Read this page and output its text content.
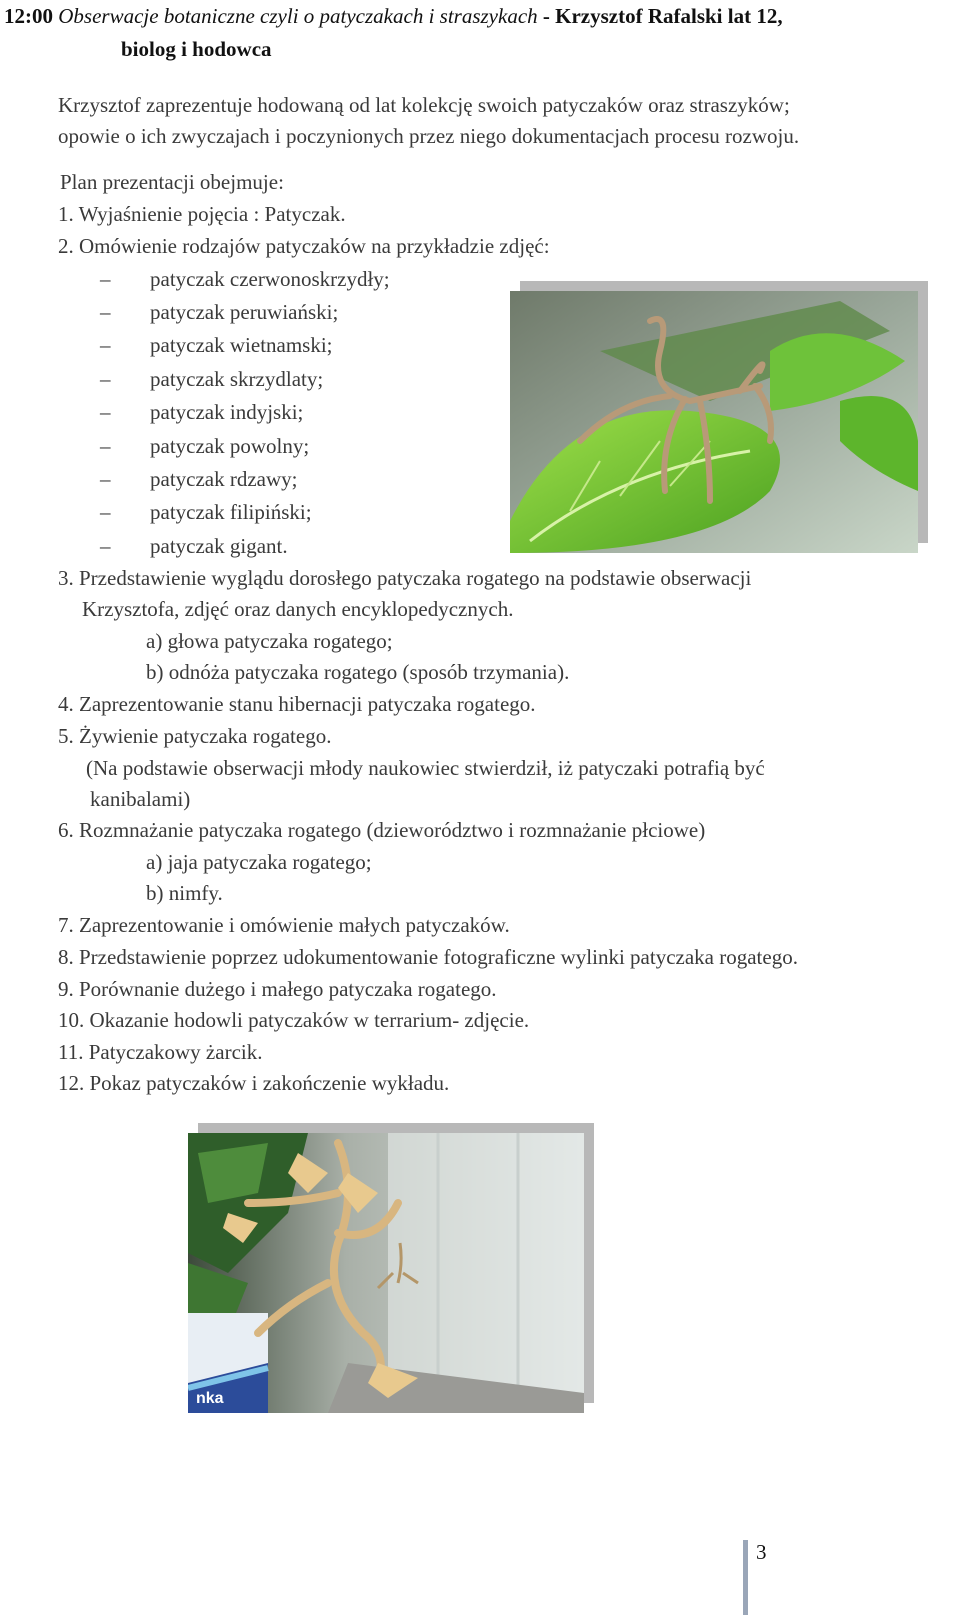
12:00 Obserwacje botaniczne czyli o patyczakach i straszykach - Krzysztof Rafalski lat 12,
biolog i hodowca
Krzysztof zaprezentuje hodowaną od lat kolekcję swoich patyczaków oraz straszyków;
opowie o ich zwyczajach i poczynionych przez niego dokumentacjach procesu rozwoju.
Plan prezentacji obejmuje:
1. Wyjaśnienie pojęcia : Patyczak.
2. Omówienie rodzajów patyczaków na przykładzie zdjęć:
– patyczak czerwonoskrzydły;
– patyczak peruwiański;
– patyczak wietnamski;
– patyczak skrzydlaty;
– patyczak indyjski;
– patyczak powolny;
– patyczak rdzawy;
– patyczak filipiński;
– patyczak gigant.
3. Przedstawienie wyglądu dorosłego patyczaka rogatego na podstawie obserwacji
Krzysztofa, zdjęć oraz danych encyklopedycznych.
a) głowa patyczaka rogatego;
b) odnóża patyczaka rogatego (sposób trzymania).
4. Zaprezentowanie stanu hibernacji patyczaka rogatego.
5. Żywienie patyczaka rogatego.
(Na podstawie obserwacji młody naukowiec stwierdził, iż patyczaki potrafią być
kanibalami)
6. Rozmnażanie patyczaka rogatego (dzieworództwo i rozmnażanie płciowe)
a) jaja patyczaka rogatego;
b) nimfy.
7. Zaprezentowanie i omówienie małych patyczaków.
8. Przedstawienie poprzez udokumentowanie fotograficzne wylinki patyczaka rogatego.
9. Porównanie dużego i małego patyczaka rogatego.
10. Okazanie hodowli patyczaków w terrarium- zdjęcie.
11. Patyczakowy żarcik.
12. Pokaz patyczaków i zakończenie wykładu.
nka
3
